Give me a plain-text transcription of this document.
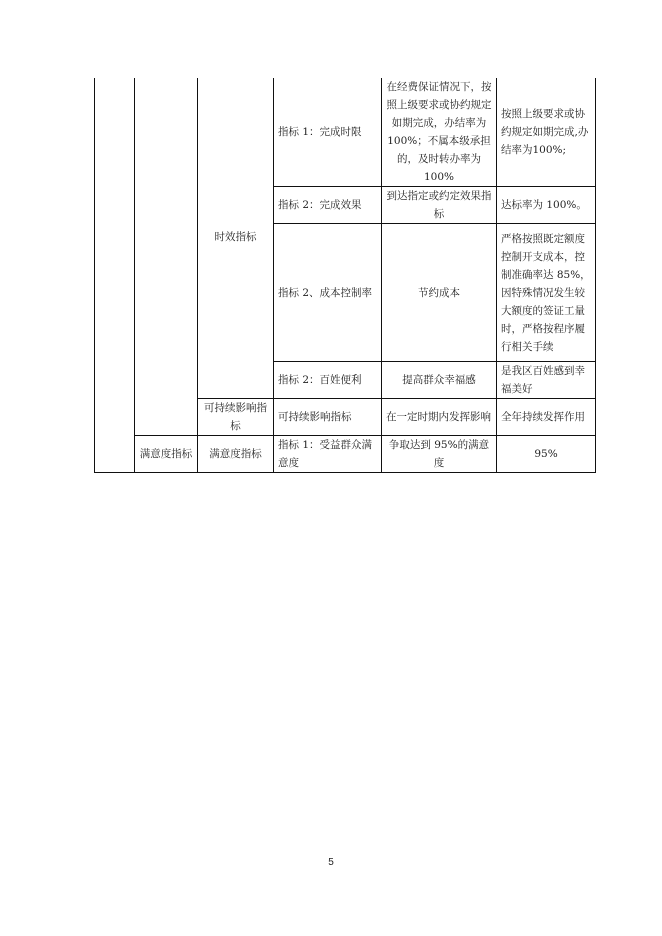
		时效指标	指标 1：完成时限	在经费保证情况下，按照上级要求或协约规定如期完成，办结率为 100%；不属本级承担的，及时转办率为 100%	按照上级要求或协约规定如期完成,办结率为100%;
			指标 2：完成效果	到达指定或约定效果指标	达标率为 100%。
			指标 2、成本控制率	节约成本	严格按照既定额度控制开支成本，控制准确率达 85%，因特殊情况发生较大额度的签证工量时，严格按程序履行相关手续
			指标 2：百姓便利	提高群众幸福感	是我区百姓感到幸福美好
		可持续影响指标	可持续影响指标	在一定时期内发挥影响	全年持续发挥作用
	满意度指标	满意度指标	指标 1：受益群众满意度	争取达到 95%的满意度	95%
5
